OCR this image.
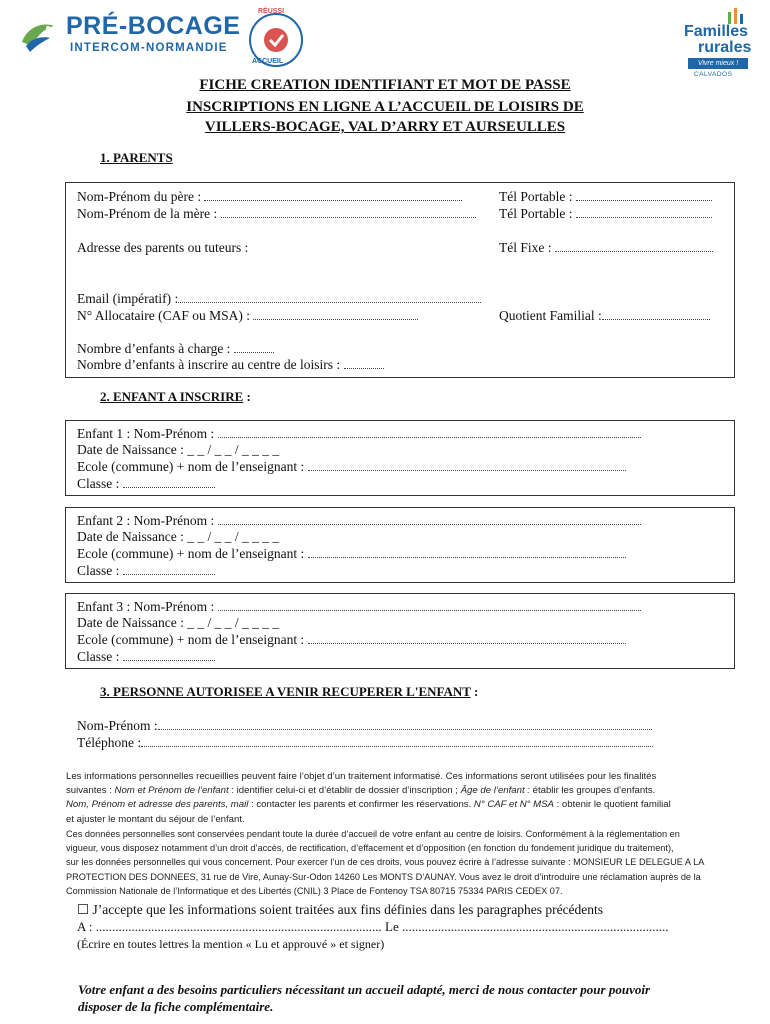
PRÉ-BOCAGE
INTERCOM-NORMANDIE
RÉUSSI
ACCUEIL
Familles
rurales
Vivre mieux !
CALVADOS
FICHE CREATION IDENTIFIANT ET MOT DE PASSE
INSCRIPTIONS EN LIGNE A L’ACCUEIL DE LOISIRS DE
VILLERS-BOCAGE, VAL D’ARRY ET AURSEULLES
1. PARENTS
Nom-Prénom du père :	Tél Portable :
Nom-Prénom de la mère :	Tél Portable :
Adresse des parents ou tuteurs :	Tél Fixe :
Email (impératif) :
N° Allocataire (CAF ou MSA) :	Quotient Familial :
Nombre d’enfants à charge :
Nombre d’enfants à inscrire au centre de loisirs :
2. ENFANT A INSCRIRE :
Enfant 1 : Nom-Prénom :
Date de Naissance : _ _ / _ _ / _ _ _ _
Ecole (commune) + nom de l’enseignant :
Classe :
Enfant 2 : Nom-Prénom :
Date de Naissance : _ _ / _ _ / _ _ _ _
Ecole (commune) + nom de l’enseignant :
Classe :
Enfant 3 : Nom-Prénom :
Date de Naissance : _ _ / _ _ / _ _ _ _
Ecole (commune) + nom de l’enseignant :
Classe :
3. PERSONNE AUTORISEE A VENIR RECUPERER L'ENFANT :
Nom-Prénom :
Téléphone :
Les informations personnelles recueillies peuvent faire l’objet d’un traitement informatisé. Ces informations seront utilisées pour les finalités
suivantes : Nom et Prénom de l’enfant : identifier celui-ci et d’établir de dossier d’inscription ; Âge de l’enfant : établir les groupes d’enfants.
Nom, Prénom et adresse des parents, mail : contacter les parents et confirmer les réservations. N° CAF et N° MSA : obtenir le quotient familial
et ajuster le montant du séjour de l’enfant.
Ces données personnelles sont conservées pendant toute la durée d’accueil de votre enfant au centre de loisirs. Conformément à la réglementation en
vigueur, vous disposez notamment d’un droit d’accès, de rectification, d’effacement et d’opposition (en fonction du fondement juridique du traitement),
sur les données personnelles qui vous concernent. Pour exercer l’un de ces droits, vous pouvez écrire à l’adresse suivante : MONSIEUR LE DELEGUE A LA
PROTECTION DES DONNEES, 31 rue de Vire, Aunay-Sur-Odon 14260 Les MONTS D’AUNAY. Vous avez le droit d’introduire une réclamation auprès de la
Commission Nationale de l’Informatique et des Libertés (CNIL) 3 Place de Fontenoy TSA 80715 75334 PARIS CEDEX 07.
☐ J’accepte que les informations soient traitées aux fins définies dans les paragraphes précédents
A : ........................................................................................ Le ..................................................................................
(Écrire en toutes lettres la mention « Lu et approuvé » et signer)
Votre enfant a des besoins particuliers nécessitant un accueil adapté, merci de nous contacter pour pouvoir
disposer de la fiche complémentaire.
